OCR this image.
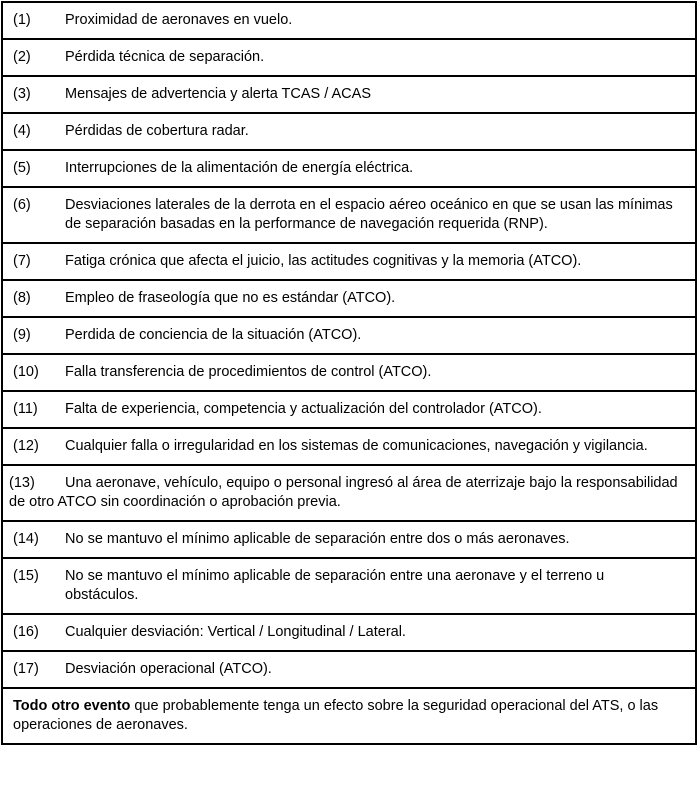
(1)	Proximidad de aeronaves en vuelo.
(2)	Pérdida técnica de separación.
(3)	Mensajes de advertencia y alerta TCAS / ACAS
(4)	Pérdidas de cobertura radar.
(5)	Interrupciones de la alimentación de energía eléctrica.
(6)	Desviaciones laterales de la derrota en el espacio aéreo oceánico en que se usan las mínimas de separación basadas en la performance de navegación requerida (RNP).
(7)	Fatiga crónica que afecta el juicio, las actitudes cognitivas y la memoria (ATCO).
(8)	Empleo de fraseología que no es estándar (ATCO).
(9)	Perdida de conciencia de la situación (ATCO).
(10)	Falla transferencia de procedimientos de control (ATCO).
(11)	Falta de experiencia, competencia y actualización del controlador (ATCO).
(12)	Cualquier falla o irregularidad en los sistemas de comunicaciones, navegación y vigilancia.
(13) Una aeronave, vehículo, equipo o personal ingresó al área de aterrizaje bajo la responsabilidad de otro ATCO sin coordinación o aprobación previa.
(14)	No se mantuvo el mínimo aplicable de separación entre dos o más aeronaves.
(15)	No se mantuvo el mínimo aplicable de separación entre una aeronave y el terreno u obstáculos.
(16)	Cualquier desviación: Vertical / Longitudinal / Lateral.
(17)	Desviación operacional (ATCO).
Todo otro evento que probablemente tenga un efecto sobre la seguridad operacional del ATS, o las operaciones de aeronaves.
